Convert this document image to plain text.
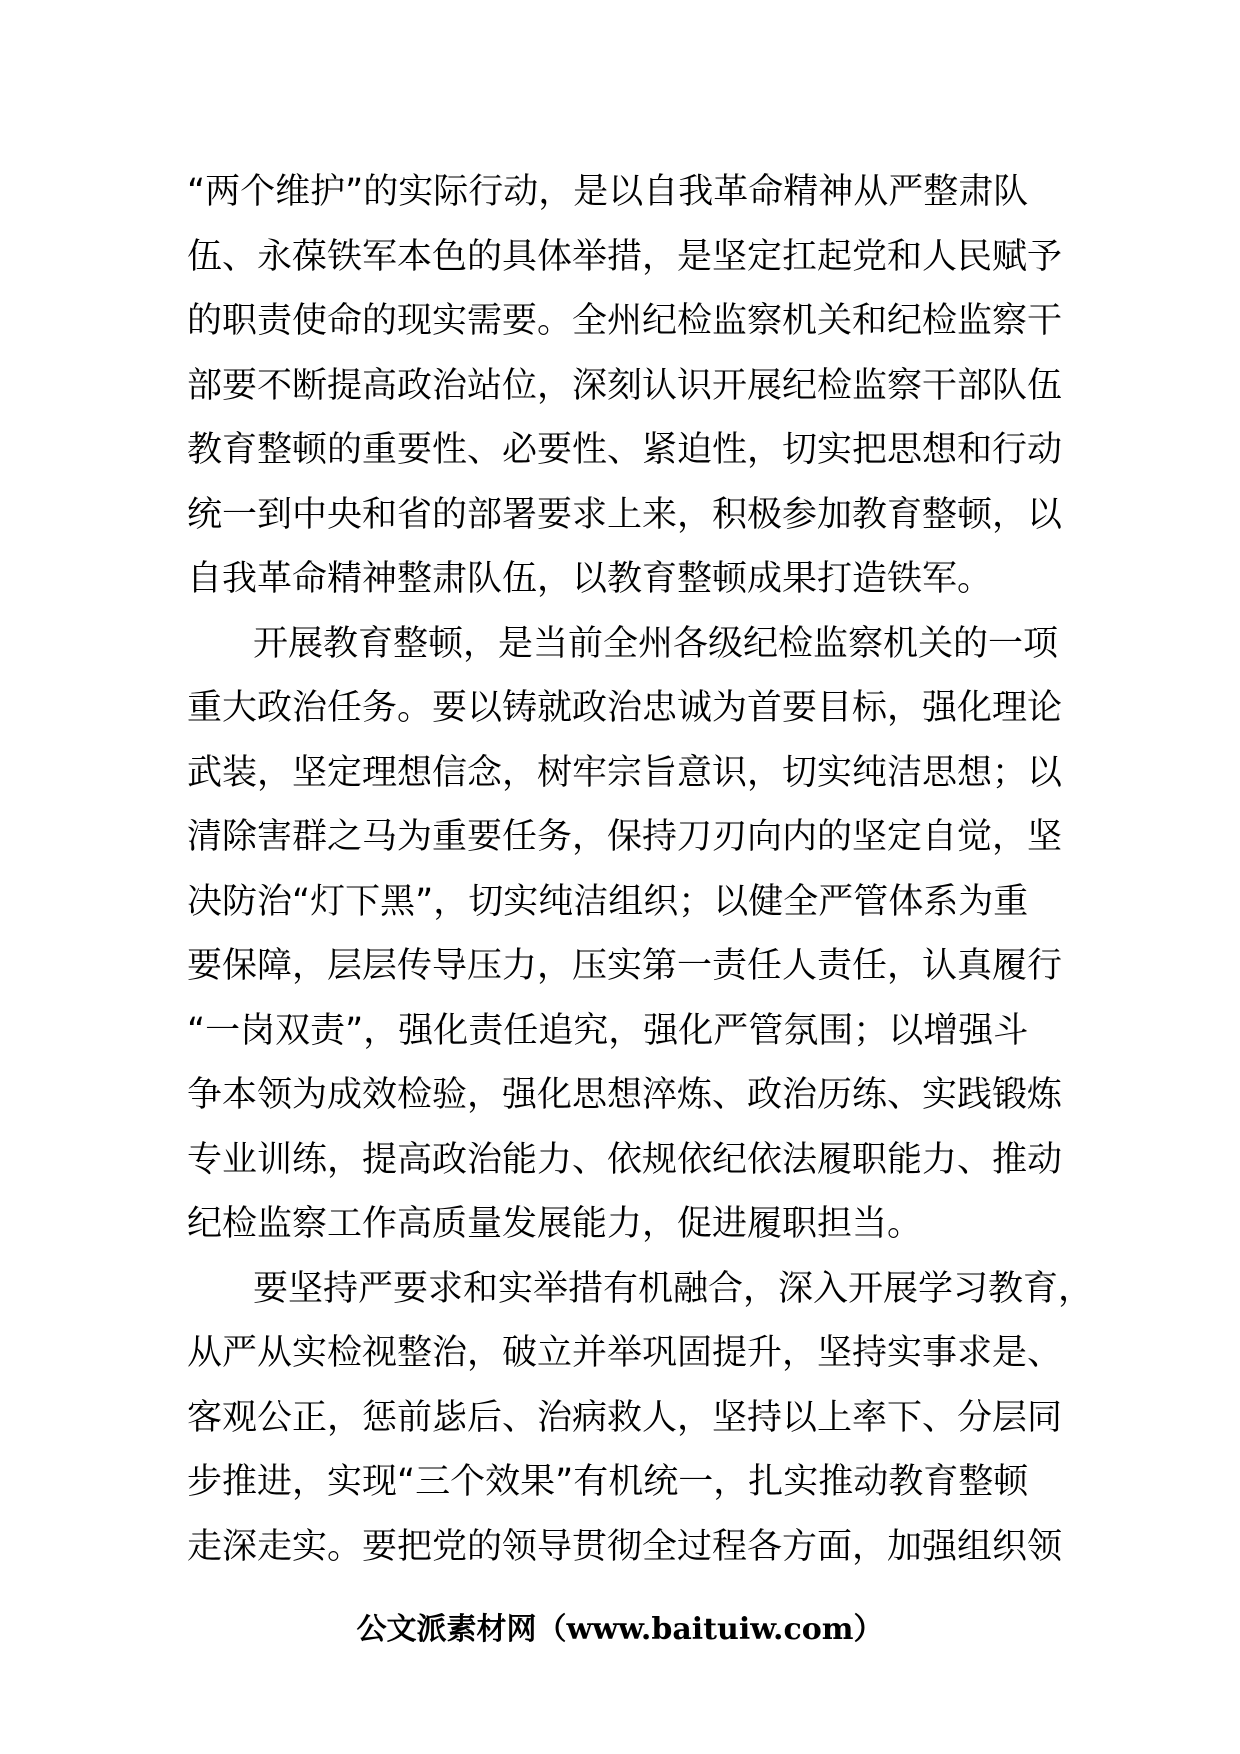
“两个维护”的实际行动，是以自我革命精神从严整肃队
伍、永葆铁军本色的具体举措，是坚定扛起党和人民赋予
的职责使命的现实需要。全州纪检监察机关和纪检监察干
部要不断提高政治站位，深刻认识开展纪检监察干部队伍
教育整顿的重要性、必要性、紧迫性，切实把思想和行动
统一到中央和省的部署要求上来，积极参加教育整顿，以
自我革命精神整肃队伍，以教育整顿成果打造铁军。
开展教育整顿，是当前全州各级纪检监察机关的一项
重大政治任务。要以铸就政治忠诚为首要目标，强化理论
武装，坚定理想信念，树牢宗旨意识，切实纯洁思想；以
清除害群之马为重要任务，保持刀刃向内的坚定自觉，坚
决防治“灯下黑”，切实纯洁组织；以健全严管体系为重
要保障，层层传导压力，压实第一责任人责任，认真履行
“一岗双责”，强化责任追究，强化严管氛围；以增强斗
争本领为成效检验，强化思想淬炼、政治历练、实践锻炼
专业训练，提高政治能力、依规依纪依法履职能力、推动
纪检监察工作高质量发展能力，促进履职担当。
要坚持严要求和实举措有机融合，深入开展学习教育，
从严从实检视整治，破立并举巩固提升，坚持实事求是、
客观公正，惩前毖后、治病救人，坚持以上率下、分层同
步推进，实现“三个效果”有机统一，扎实推动教育整顿
走深走实。要把党的领导贯彻全过程各方面，加强组织领
公文派素材网（www.baituiw.com）
